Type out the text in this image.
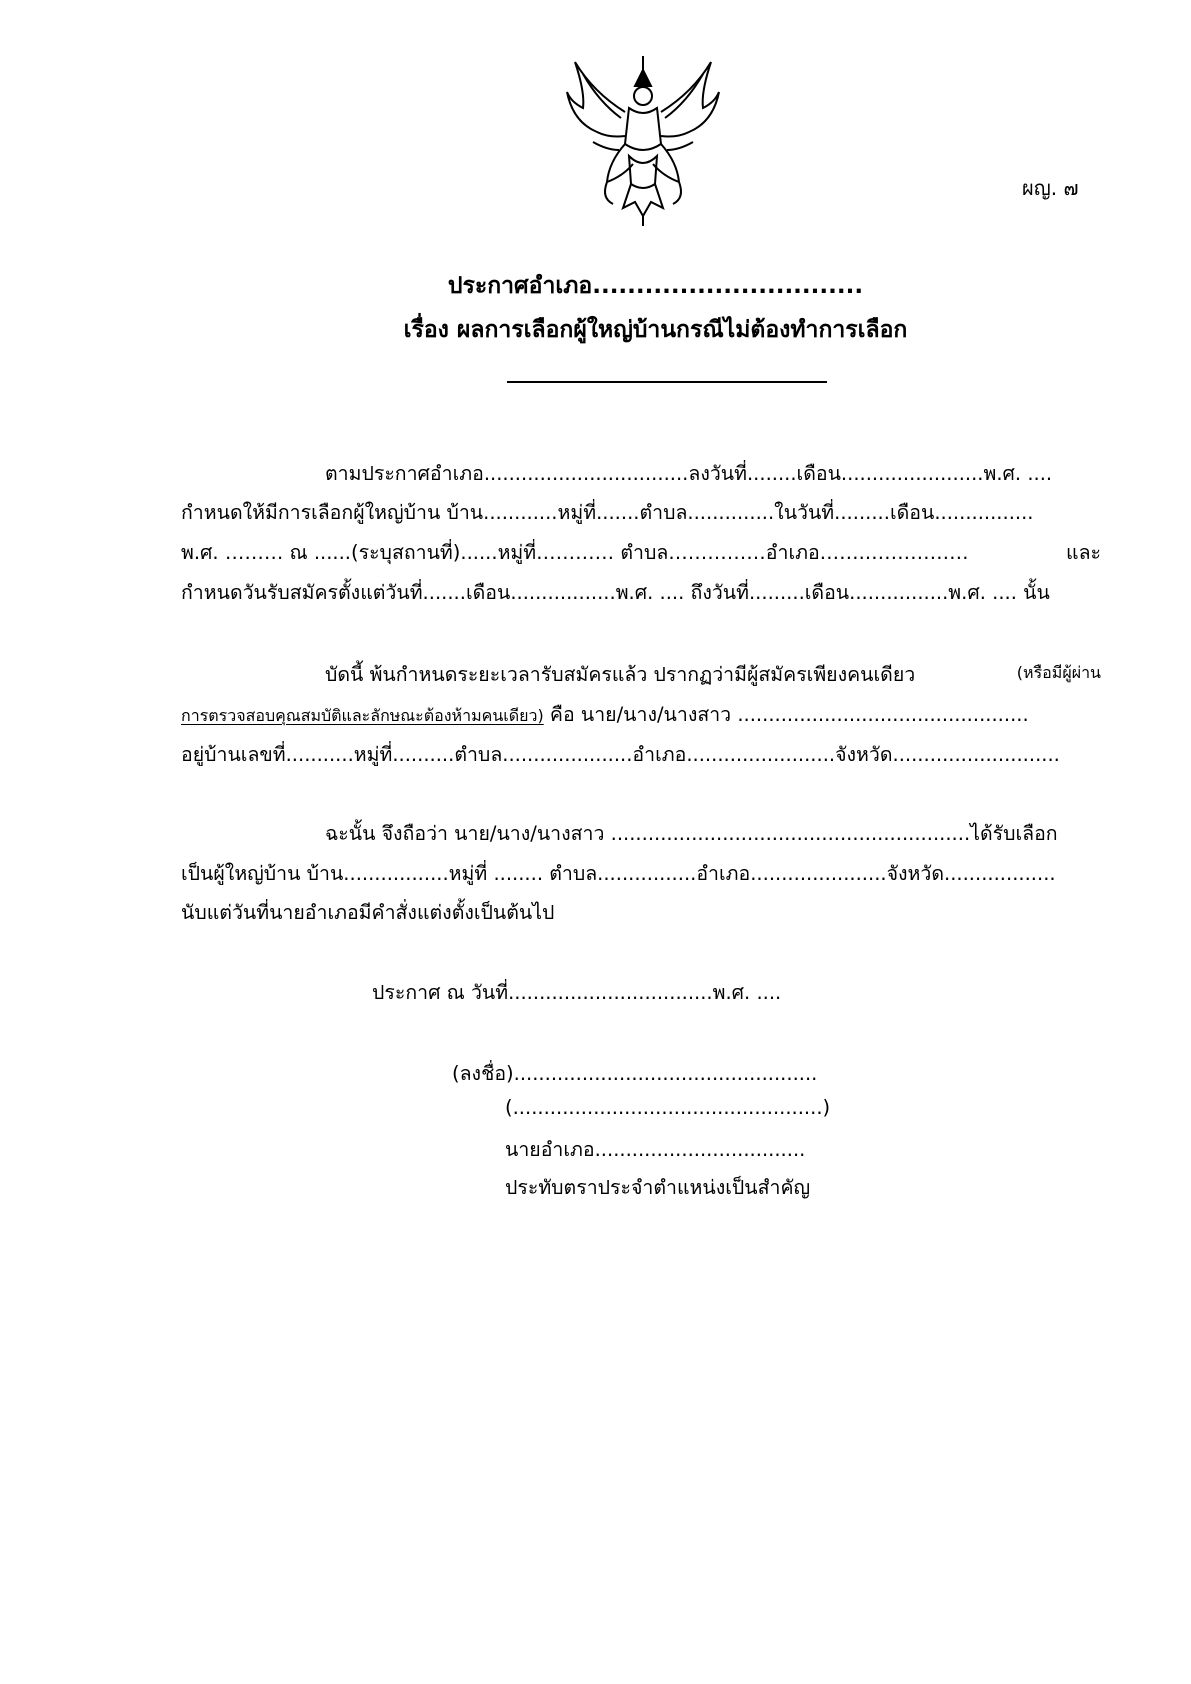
ผญ. ๗
ประกาศอำเภอ...............................
เรื่อง ผลการเลือกผู้ใหญ่บ้านกรณีไม่ต้องทำการเลือก
ตามประกาศอำเภอ.................................ลงวันที่........เดือน.......................พ.ศ. ....
กำหนดให้มีการเลือกผู้ใหญ่บ้าน บ้าน............หมู่ที่.......ตำบล..............ในวันที่.........เดือน................
พ.ศ. ……… ณ ......(ระบุสถานที่)......หมู่ที่………… ตำบล……………อำเภอ……..……………	และ
กำหนดวันรับสมัครตั้งแต่วันที่.......เดือน.................พ.ศ. .... ถึงวันที่.........เดือน................พ.ศ. .... นั้น
บัดนี้ พ้นกำหนดระยะเวลารับสมัครแล้ว ปรากฏว่ามีผู้สมัครเพียงคนเดียว	(หรือมีผู้ผ่าน
การตรวจสอบคุณสมบัติและลักษณะต้องห้ามคนเดียว) คือ นาย/นาง/นางสาว ...............................................
อยู่บ้านเลขที่...........หมู่ที่..........ตำบล.....................อำเภอ........................จังหวัด...........................
ฉะนั้น จึงถือว่า นาย/นาง/นางสาว ..........................................................ได้รับเลือก
เป็นผู้ใหญ่บ้าน บ้าน.................หมู่ที่ ........ ตำบล................อำเภอ......................จังหวัด..................
นับแต่วันที่นายอำเภอมีคำสั่งแต่งตั้งเป็นต้นไป
ประกาศ ณ วันที่.................................พ.ศ. ....
(ลงชื่อ).................................................
(..................................................)
นายอำเภอ..................................
ประทับตราประจำตำแหน่งเป็นสำคัญ
